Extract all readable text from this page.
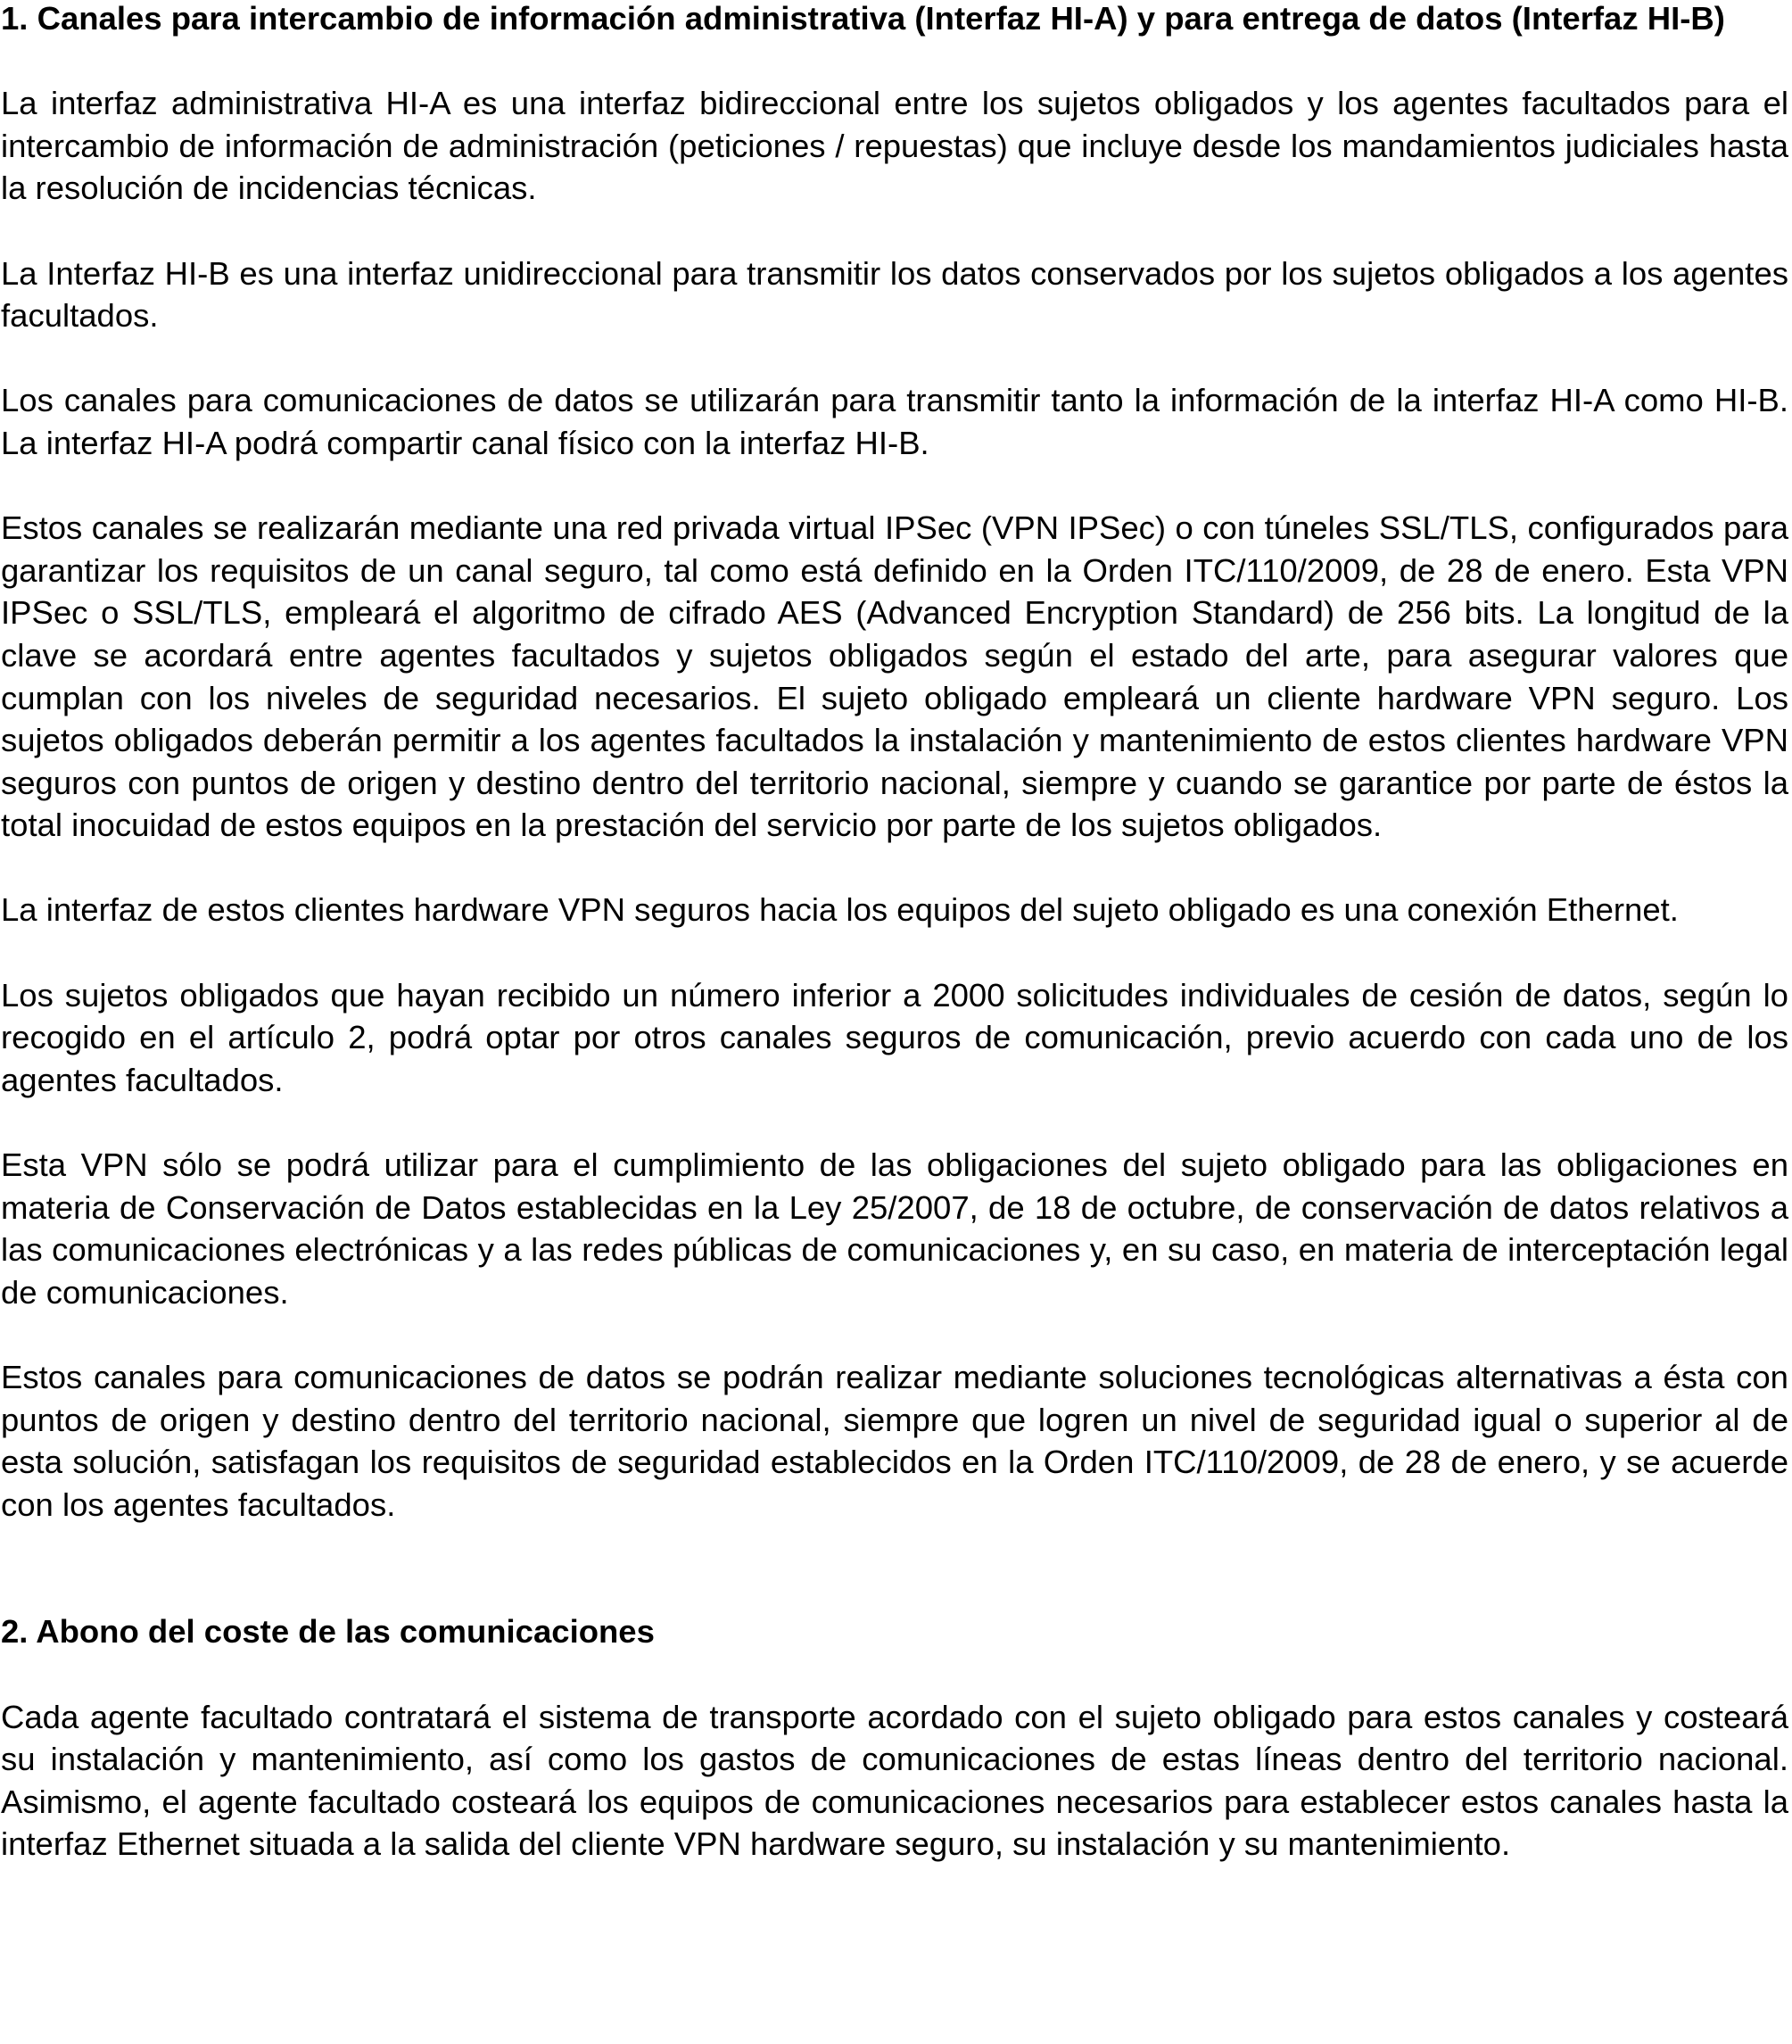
1. Canales para intercambio de información administrativa (Interfaz HI-A) y para entrega de datos (Interfaz HI-B)

La interfaz administrativa HI-A es una interfaz bidireccional entre los sujetos obligados y los agentes facultados para el intercambio de información de administración (peticiones / repuestas) que incluye desde los mandamientos judiciales hasta la resolución de incidencias técnicas.

La Interfaz HI-B es una interfaz unidireccional para transmitir los datos conservados por los sujetos obligados a los agentes facultados.

Los canales para comunicaciones de datos se utilizarán para transmitir tanto la información de la interfaz HI-A como HI-B. La interfaz HI-A podrá compartir canal físico con la interfaz HI-B.

Estos canales se realizarán mediante una red privada virtual IPSec (VPN IPSec) o con túneles SSL/TLS, configurados para garantizar los requisitos de un canal seguro, tal como está definido en la Orden ITC/110/2009, de 28 de enero. Esta VPN IPSec o SSL/TLS, empleará el algoritmo de cifrado AES (Advanced Encryption Standard) de 256 bits. La longitud de la clave se acordará entre agentes facultados y sujetos obligados según el estado del arte, para asegurar valores que cumplan con los niveles de seguridad necesarios. El sujeto obligado empleará un cliente hardware VPN seguro. Los sujetos obligados deberán permitir a los agentes facultados la instalación y mantenimiento de estos clientes hardware VPN seguros con puntos de origen y destino dentro del territorio nacional, siempre y cuando se garantice por parte de éstos la total inocuidad de estos equipos en la prestación del servicio por parte de los sujetos obligados.

La interfaz de estos clientes hardware VPN seguros hacia los equipos del sujeto obligado es una conexión Ethernet.

Los sujetos obligados que hayan recibido un número inferior a 2000 solicitudes individuales de cesión de datos, según lo recogido en el artículo 2, podrá optar por otros canales seguros de comunicación, previo acuerdo con cada uno de los agentes facultados.

Esta VPN sólo se podrá utilizar para el cumplimiento de las obligaciones del sujeto obligado para las obligaciones en materia de Conservación de Datos establecidas en la Ley 25/2007, de 18 de octubre, de conservación de datos relativos a las comunicaciones electrónicas y a las redes públicas de comunicaciones y, en su caso, en materia de interceptación legal de comunicaciones.

Estos canales para comunicaciones de datos se podrán realizar mediante soluciones tecnológicas alternativas a ésta con puntos de origen y destino dentro del territorio nacional, siempre que logren un nivel de seguridad igual o superior al de esta solución, satisfagan los requisitos de seguridad establecidos en la Orden ITC/110/2009, de 28 de enero, y se acuerde con los agentes facultados.

2. Abono del coste de las comunicaciones

Cada agente facultado contratará el sistema de transporte acordado con el sujeto obligado para estos canales y costeará su instalación y mantenimiento, así como los gastos de comunicaciones de estas líneas dentro del territorio nacional. Asimismo, el agente facultado costeará los equipos de comunicaciones necesarios para establecer estos canales hasta la interfaz Ethernet situada a la salida del cliente VPN hardware seguro, su instalación y su mantenimiento.
